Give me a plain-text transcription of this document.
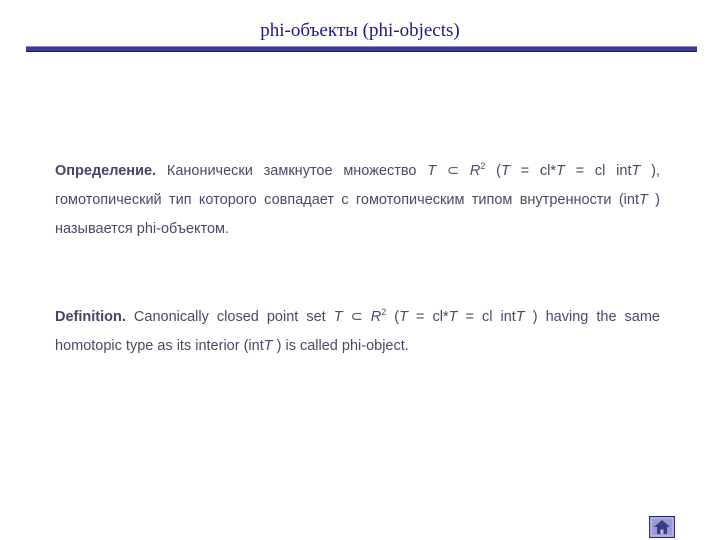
phi-объекты (phi-objects)
Определение. Канонически замкнутое множество T ⊂ $R^2$ (T = cl*T = cl intT ), гомотопический тип которого совпадает с гомотопическим типом внутренности (intT ) называется phi-объектом.
Definition. Canonically closed point set T ⊂ $R^2$ (T = cl*T = cl intT ) having the same homotopic type as its interior (intT ) is called phi-object.
